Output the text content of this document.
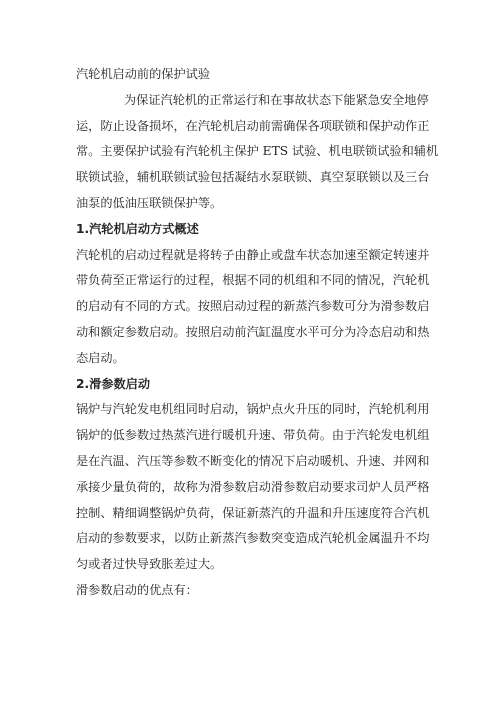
汽轮机启动前的保护试验

为保证汽轮机的正常运行和在事故状态下能紧急安全地停
运，防止设备损坏，在汽轮机启动前需确保各项联锁和保护动作正
常。主要保护试验有汽轮机主保护 ETS 试验、机电联锁试验和辅机
联锁试验，辅机联锁试验包括凝结水泵联锁、真空泵联锁以及三台
油泵的低油压联锁保护等。

1.汽轮机启动方式概述

汽轮机的启动过程就是将转子由静止或盘车状态加速至额定转速并
带负荷至正常运行的过程，根据不同的机组和不同的情况，汽轮机
的启动有不同的方式。按照启动过程的新蒸汽参数可分为滑参数启
动和额定参数启动。按照启动前汽缸温度水平可分为冷态启动和热
态启动。

2.滑参数启动

锅炉与汽轮发电机组同时启动，锅炉点火升压的同时，汽轮机利用
锅炉的低参数过热蒸汽进行暖机升速、带负荷。由于汽轮发电机组
是在汽温、汽压等参数不断变化的情况下启动暖机、升速、并网和
承接少量负荷的，故称为滑参数启动滑参数启动要求司炉人员严格
控制、精细调整锅炉负荷，保证新蒸汽的升温和升压速度符合汽机
启动的参数要求，以防止新蒸汽参数突变造成汽轮机金属温升不均
匀或者过快导致胀差过大。

滑参数启动的优点有：
